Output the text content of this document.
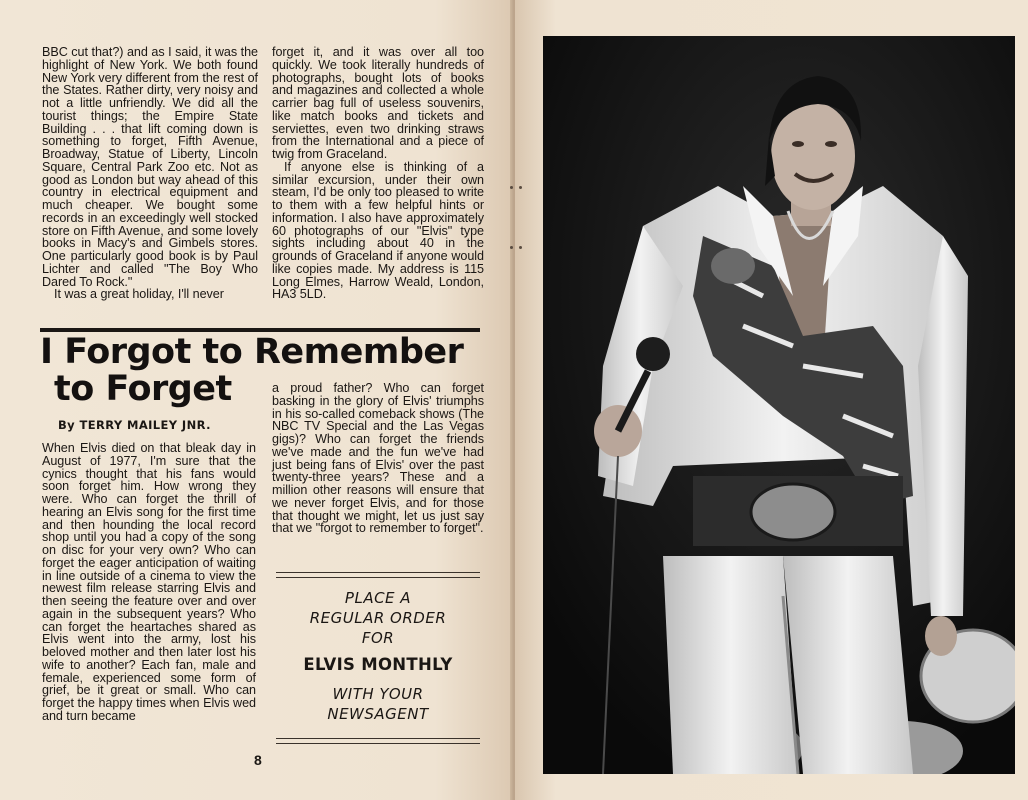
BBC cut that?) and as I said, it was the highlight of New York. We both found New York very different from the rest of the States. Rather dirty, very noisy and not a little unfriendly. We did all the tourist things; the Empire State Building . . . that lift coming down is something to forget, Fifth Avenue, Broadway, Statue of Liberty, Lincoln Square, Central Park Zoo etc. Not as good as London but way ahead of this country in electrical equipment and much cheaper. We bought some records in an exceedingly well stocked store on Fifth Avenue, and some lovely books in Macy's and Gimbels stores. One particularly good book is by Paul Lichter and called "The Boy Who Dared To Rock."

It was a great holiday, I'll never

forget it, and it was over all too quickly. We took literally hundreds of photographs, bought lots of books and magazines and collected a whole carrier bag full of useless souvenirs, like match books and tickets and serviettes, even two drinking straws from the International and a piece of twig from Graceland.

If anyone else is thinking of a similar excursion, under their own steam, I'd be only too pleased to write to them with a few helpful hints or information. I also have approximately 60 photographs of our "Elvis" type sights including about 40 in the grounds of Graceland if anyone would like copies made. My address is 115 Long Elmes, Harrow Weald, London, HA3 5LD.

I Forgot to Remember
to Forget
By TERRY MAILEY JNR.

When Elvis died on that bleak day in August of 1977, I'm sure that the cynics thought that his fans would soon forget him. How wrong they were. Who can forget the thrill of hearing an Elvis song for the first time and then hounding the local record shop until you had a copy of the song on disc for your very own? Who can forget the eager anticipation of waiting in line outside of a cinema to view the newest film release starring Elvis and then seeing the feature over and over again in the subsequent years? Who can forget the heartaches shared as Elvis went into the army, lost his beloved mother and then later lost his wife to another? Each fan, male and female, experienced some form of grief, be it great or small. Who can forget the happy times when Elvis wed and turn became

a proud father? Who can forget basking in the glory of Elvis' triumphs in his so-called comeback shows (The NBC TV Special and the Las Vegas gigs)? Who can forget the friends we've made and the fun we've had just being fans of Elvis' over the past twenty-three years? These and a million other reasons will ensure that we never forget Elvis, and for those that thought we might, let us just say that we "forgot to remember to forget".

PLACE A
REGULAR ORDER
FOR
ELVIS MONTHLY
WITH YOUR
NEWSAGENT
8
